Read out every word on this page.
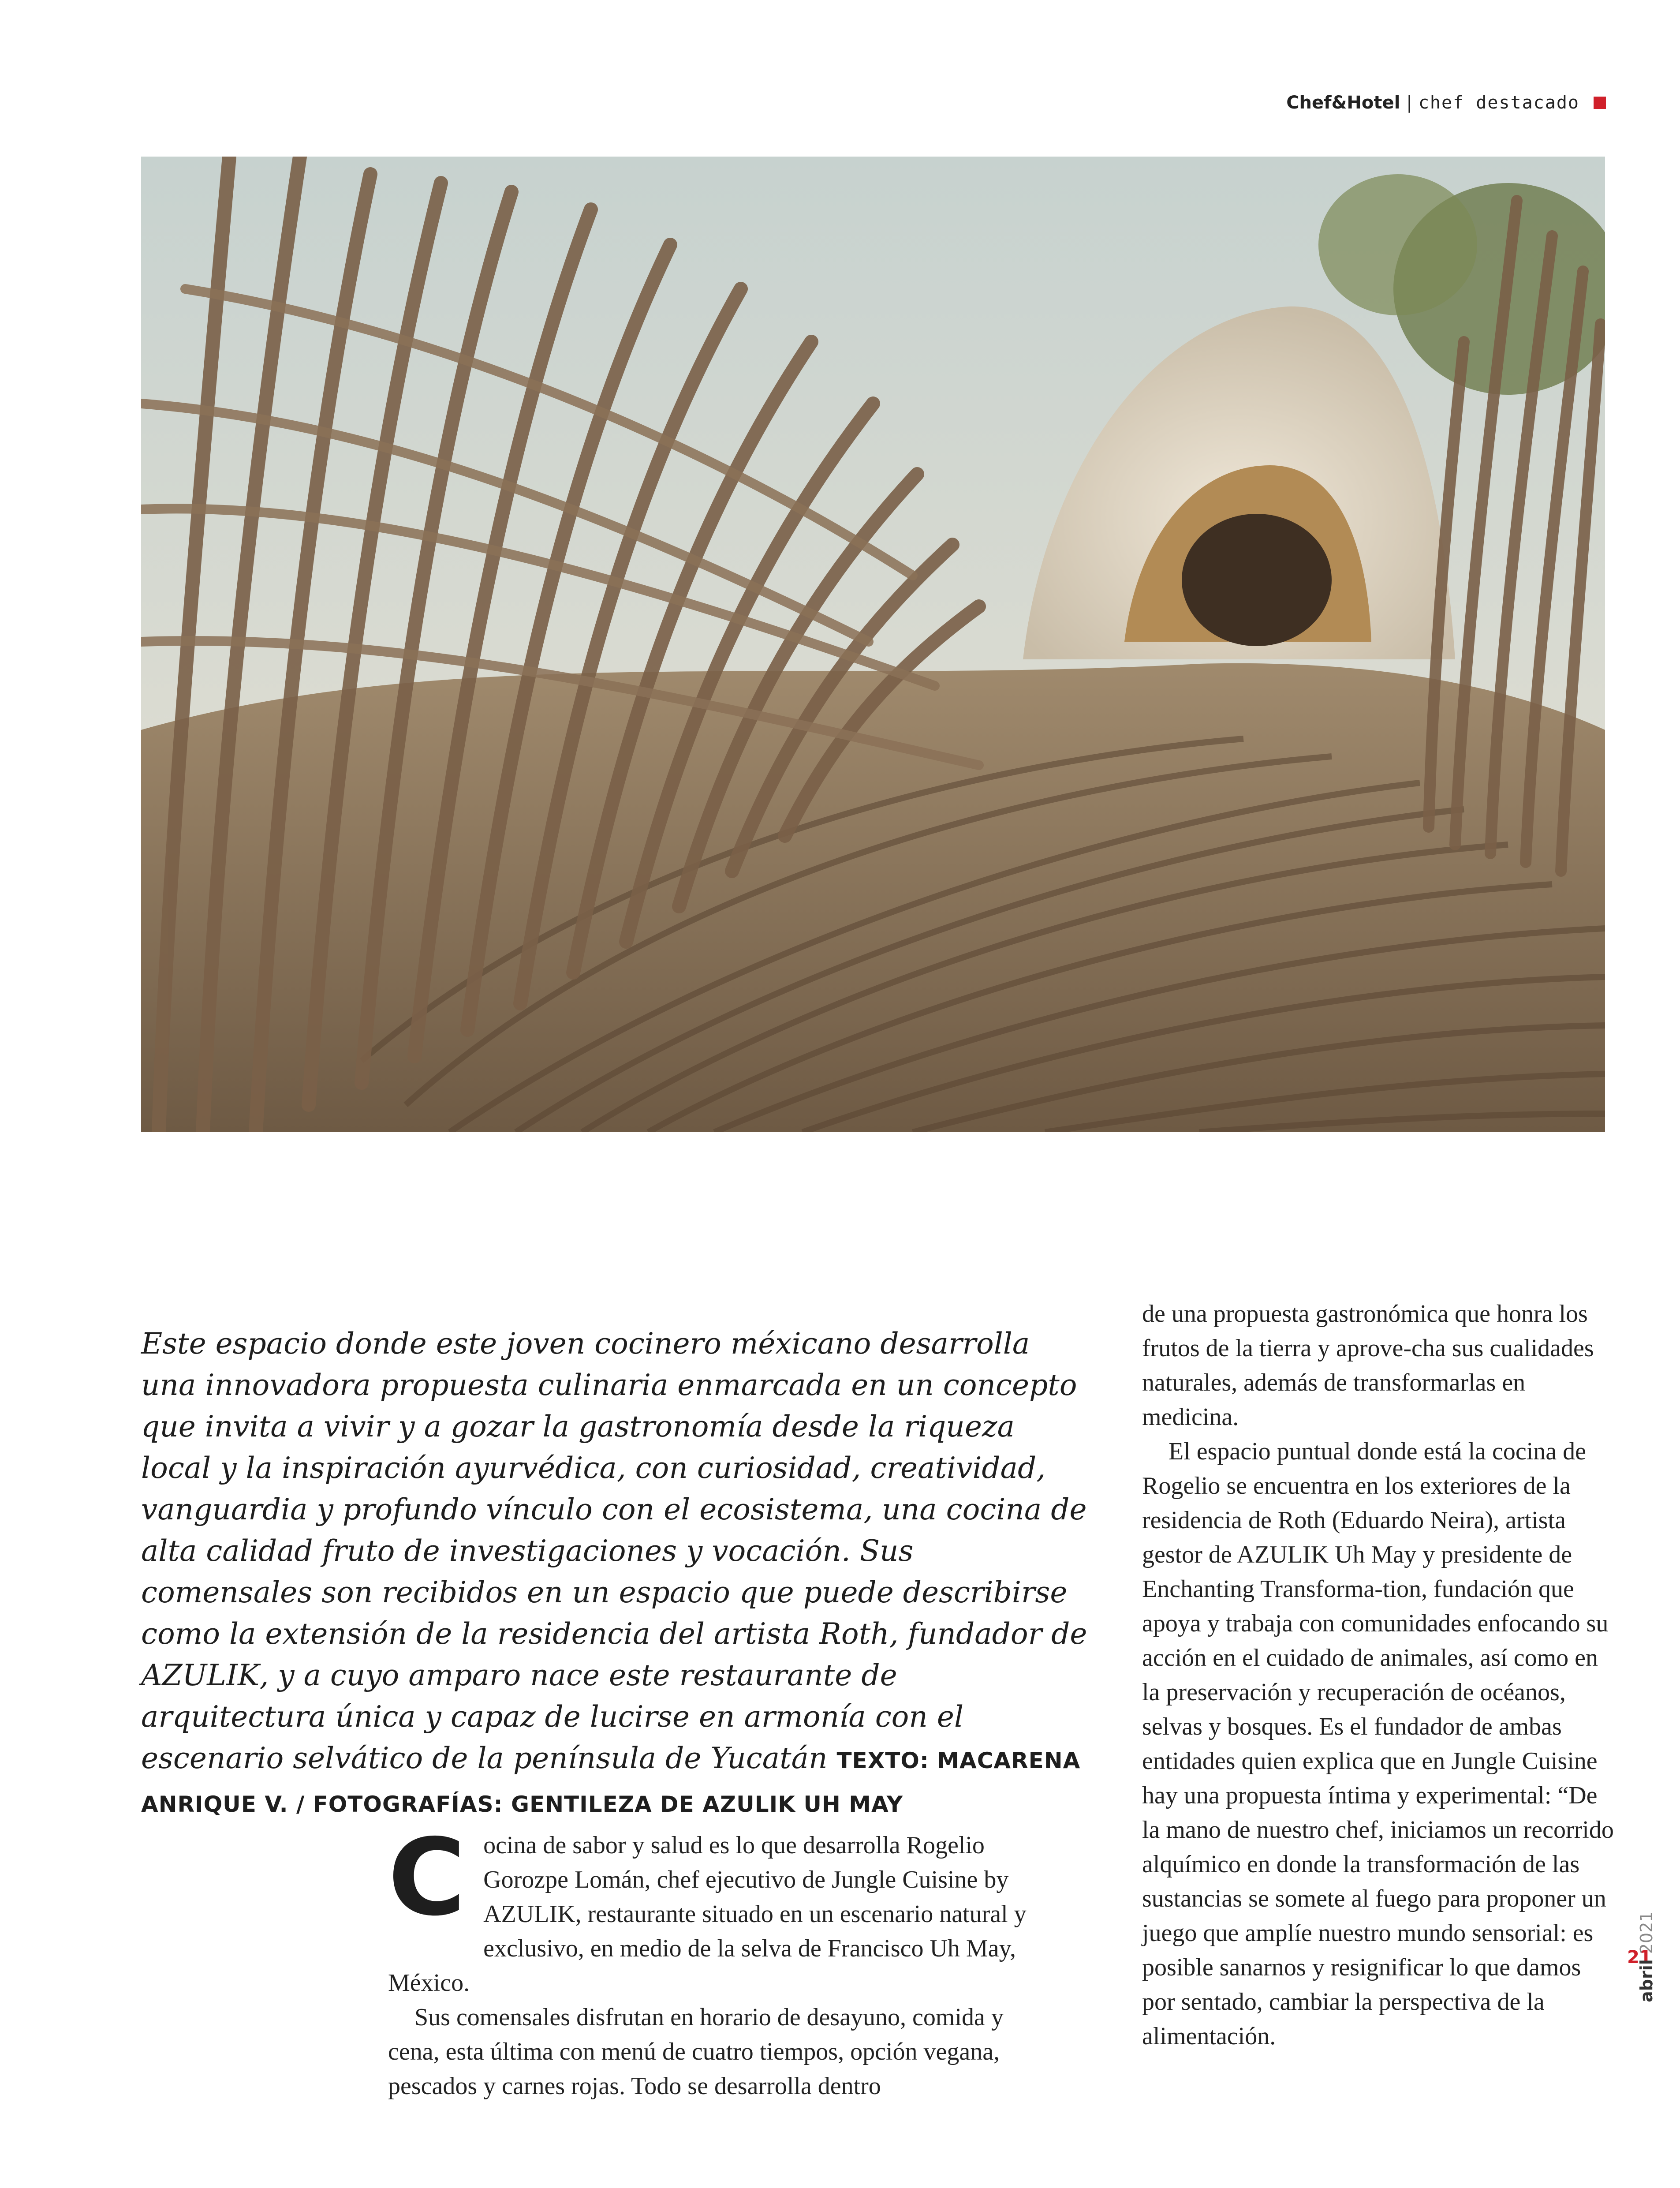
Chef&Hotel | chef destacado

Este espacio donde este joven cocinero méxicano desarrolla una innovadora propuesta culinaria enmarcada en un concepto que invita a vivir y a gozar la gastronomía desde la riqueza local y la inspiración ayurvédica, con curiosidad, creatividad, vanguardia y profundo vínculo con el ecosistema, una cocina de alta calidad fruto de investigaciones y vocación. Sus comensales son recibidos en un espacio que puede describirse como la extensión de la residencia del artista Roth, fundador de AZULIK, y a cuyo amparo nace este restaurante de arquitectura única y capaz de lucirse en armonía con el escenario selvático de la península de Yucatán TEXTO: MACARENA ANRIQUE V. / FOTOGRAFÍAS: GENTILEZA DE AZULIK UH MAY

C ocina de sabor y salud es lo que desarrolla Rogelio Gorozpe Lomán, chef ejecutivo de Jungle Cuisine by AZULIK, restaurante situado en un escenario natural y exclusivo, en medio de la selva de Francisco Uh May, México.

Sus comensales disfrutan en horario de desayuno, comida y cena, esta última con menú de cuatro tiempos, opción vegana, pescados y carnes rojas. Todo se desarrolla dentro

de una propuesta gastronómica que honra los frutos de la tierra y aprove-cha sus cualidades naturales, además de transformarlas en medicina.

El espacio puntual donde está la cocina de Rogelio se encuentra en los exteriores de la residencia de Roth (Eduardo Neira), artista gestor de AZULIK Uh May y presidente de Enchanting Transforma-tion, fundación que apoya y trabaja con comunidades enfocando su acción en el cuidado de animales, así como en la preservación y recuperación de océanos, selvas y bosques. Es el fundador de ambas entidades quien explica que en Jungle Cuisine hay una propuesta íntima y experimental: “De la mano de nuestro chef, iniciamos un recorrido alquímico en donde la transformación de las sustancias se somete al fuego para proponer un juego que amplíe nuestro mundo sensorial: es posible sanarnos y resignificar lo que damos por sentado, cambiar la perspectiva de la alimentación.

21
abril 2021
